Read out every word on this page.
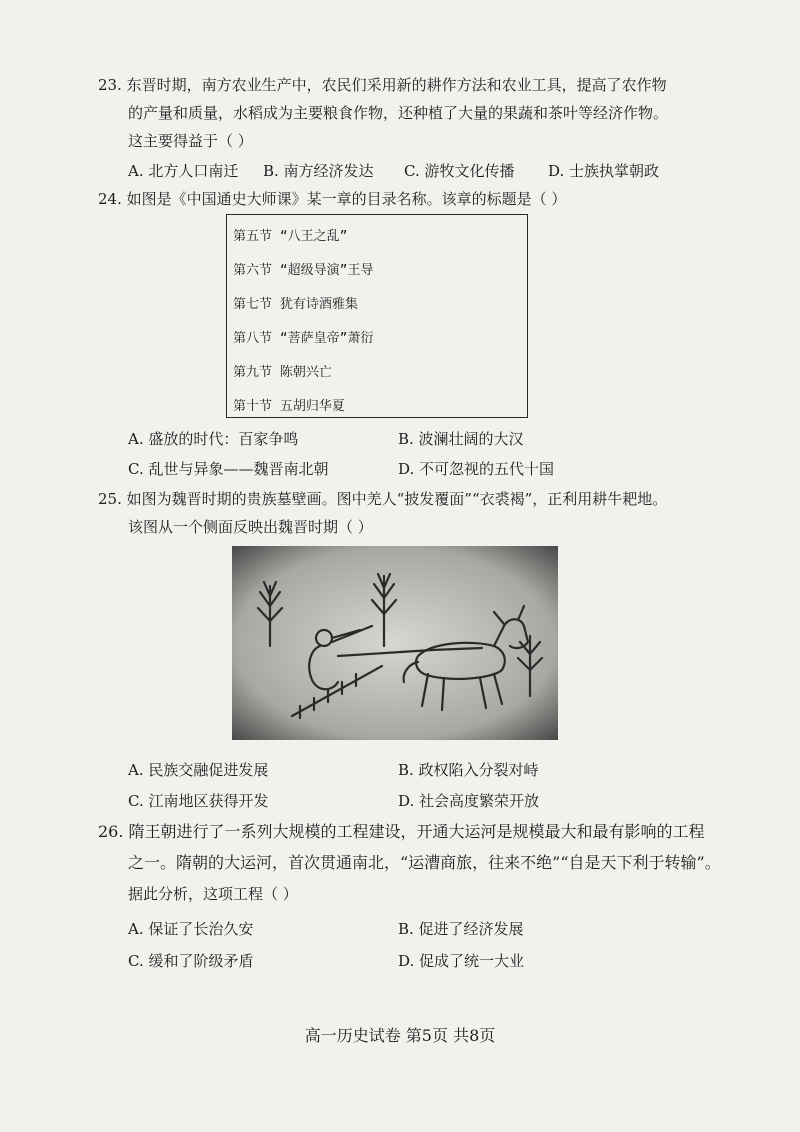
23. 东晋时期，南方农业生产中，农民们采用新的耕作方法和农业工具，提高了农作物
的产量和质量，水稻成为主要粮食作物，还种植了大量的果蔬和茶叶等经济作物。
这主要得益于（ ）
A. 北方人口南迁 B. 南方经济发达 C. 游牧文化传播 D. 士族执掌朝政
24. 如图是《中国通史大师课》某一章的目录名称。该章的标题是（ ）
第五节 “八王之乱”
第六节 “超级导演”王导
第七节 犹有诗酒雅集
第八节 “菩萨皇帝”萧衍
第九节 陈朝兴亡
第十节 五胡归华夏
A. 盛放的时代：百家争鸣	B. 波澜壮阔的大汉
C. 乱世与异象——魏晋南北朝	D. 不可忽视的五代十国
25. 如图为魏晋时期的贵族墓壁画。图中羌人“披发覆面”“衣裘褐”，正利用耕牛耙地。
该图从一个侧面反映出魏晋时期（ ）
A. 民族交融促进发展	B. 政权陷入分裂对峙
C. 江南地区获得开发	D. 社会高度繁荣开放
26. 隋王朝进行了一系列大规模的工程建设，开通大运河是规模最大和最有影响的工程
之一。隋朝的大运河，首次贯通南北，“运漕商旅，往来不绝”“自是天下利于转输”。
据此分析，这项工程（ ）
A. 保证了长治久安	B. 促进了经济发展
C. 缓和了阶级矛盾	D. 促成了统一大业
高一历史试卷 第5页 共8页
